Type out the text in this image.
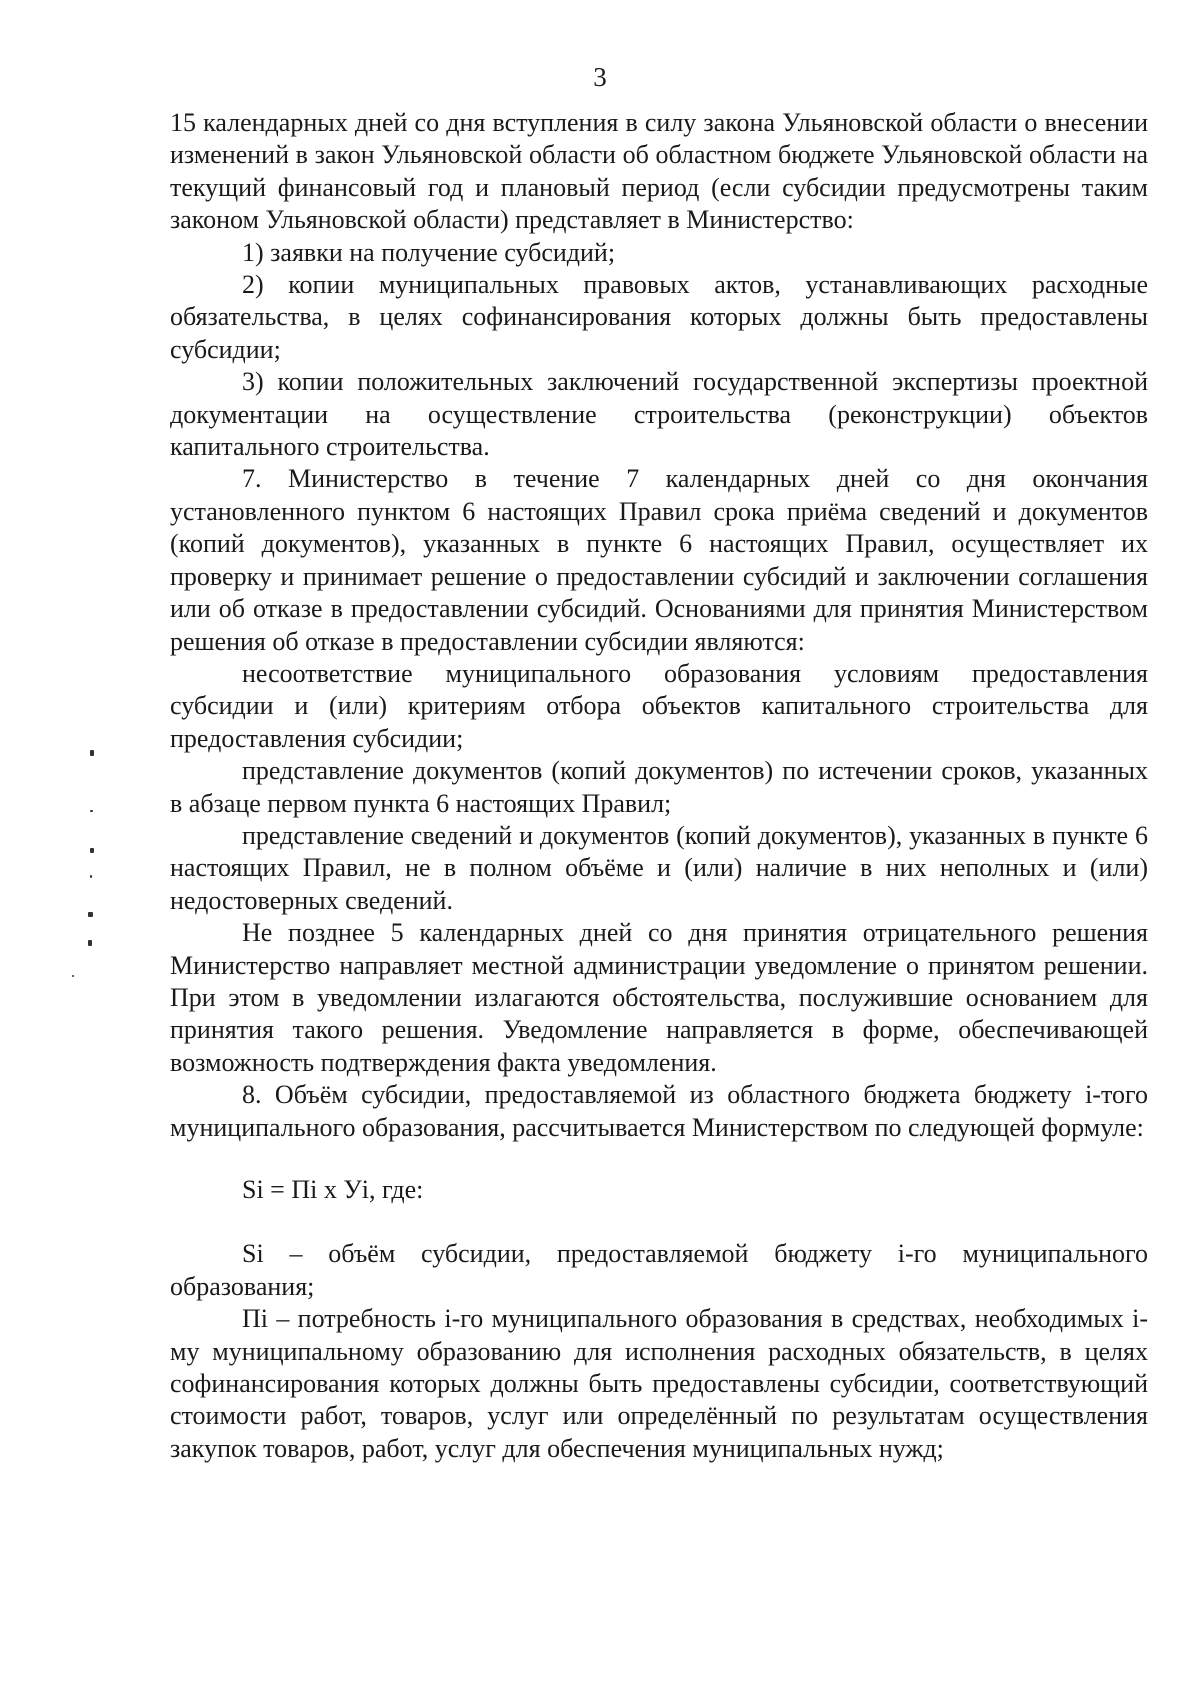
3

15 календарных дней со дня вступления в силу закона Ульяновской области о внесении изменений в закон Ульяновской области об областном бюджете Ульяновской области на текущий финансовый год и плановый период (если субсидии предусмотрены таким законом Ульяновской области) представляет в Министерство:

1) заявки на получение субсидий;

2) копии муниципальных правовых актов, устанавливающих расходные обязательства, в целях софинансирования которых должны быть предоставлены субсидии;

3) копии положительных заключений государственной экспертизы проектной документации на осуществление строительства (реконструкции) объектов капитального строительства.

7. Министерство в течение 7 календарных дней со дня окончания установленного пунктом 6 настоящих Правил срока приёма сведений и документов (копий документов), указанных в пункте 6 настоящих Правил, осуществляет их проверку и принимает решение о предоставлении субсидий и заключении соглашения или об отказе в предоставлении субсидий. Основаниями для принятия Министерством решения об отказе в предоставлении субсидии являются:

несоответствие муниципального образования условиям предоставления субсидии и (или) критериям отбора объектов капитального строительства для предоставления субсидии;

представление документов (копий документов) по истечении сроков, указанных в абзаце первом пункта 6 настоящих Правил;

представление сведений и документов (копий документов), указанных в пункте 6 настоящих Правил, не в полном объёме и (или) наличие в них неполных и (или) недостоверных сведений.

Не позднее 5 календарных дней со дня принятия отрицательного решения Министерство направляет местной администрации уведомление о принятом решении. При этом в уведомлении излагаются обстоятельства, послужившие основанием для принятия такого решения. Уведомление направляется в форме, обеспечивающей возможность подтверждения факта уведомления.

8. Объём субсидии, предоставляемой из областного бюджета бюджету i-того муниципального образования, рассчитывается Министерством по следующей формуле:

Si = Пi x Уi, где:

Si – объём субсидии, предоставляемой бюджету i-го муниципального образования;

Пi – потребность i-го муниципального образования в средствах, необходимых i-му муниципальному образованию для исполнения расходных обязательств, в целях софинансирования которых должны быть предоставлены субсидии, соответствующий стоимости работ, товаров, услуг или определённый по результатам осуществления закупок товаров, работ, услуг для обеспечения муниципальных нужд;
